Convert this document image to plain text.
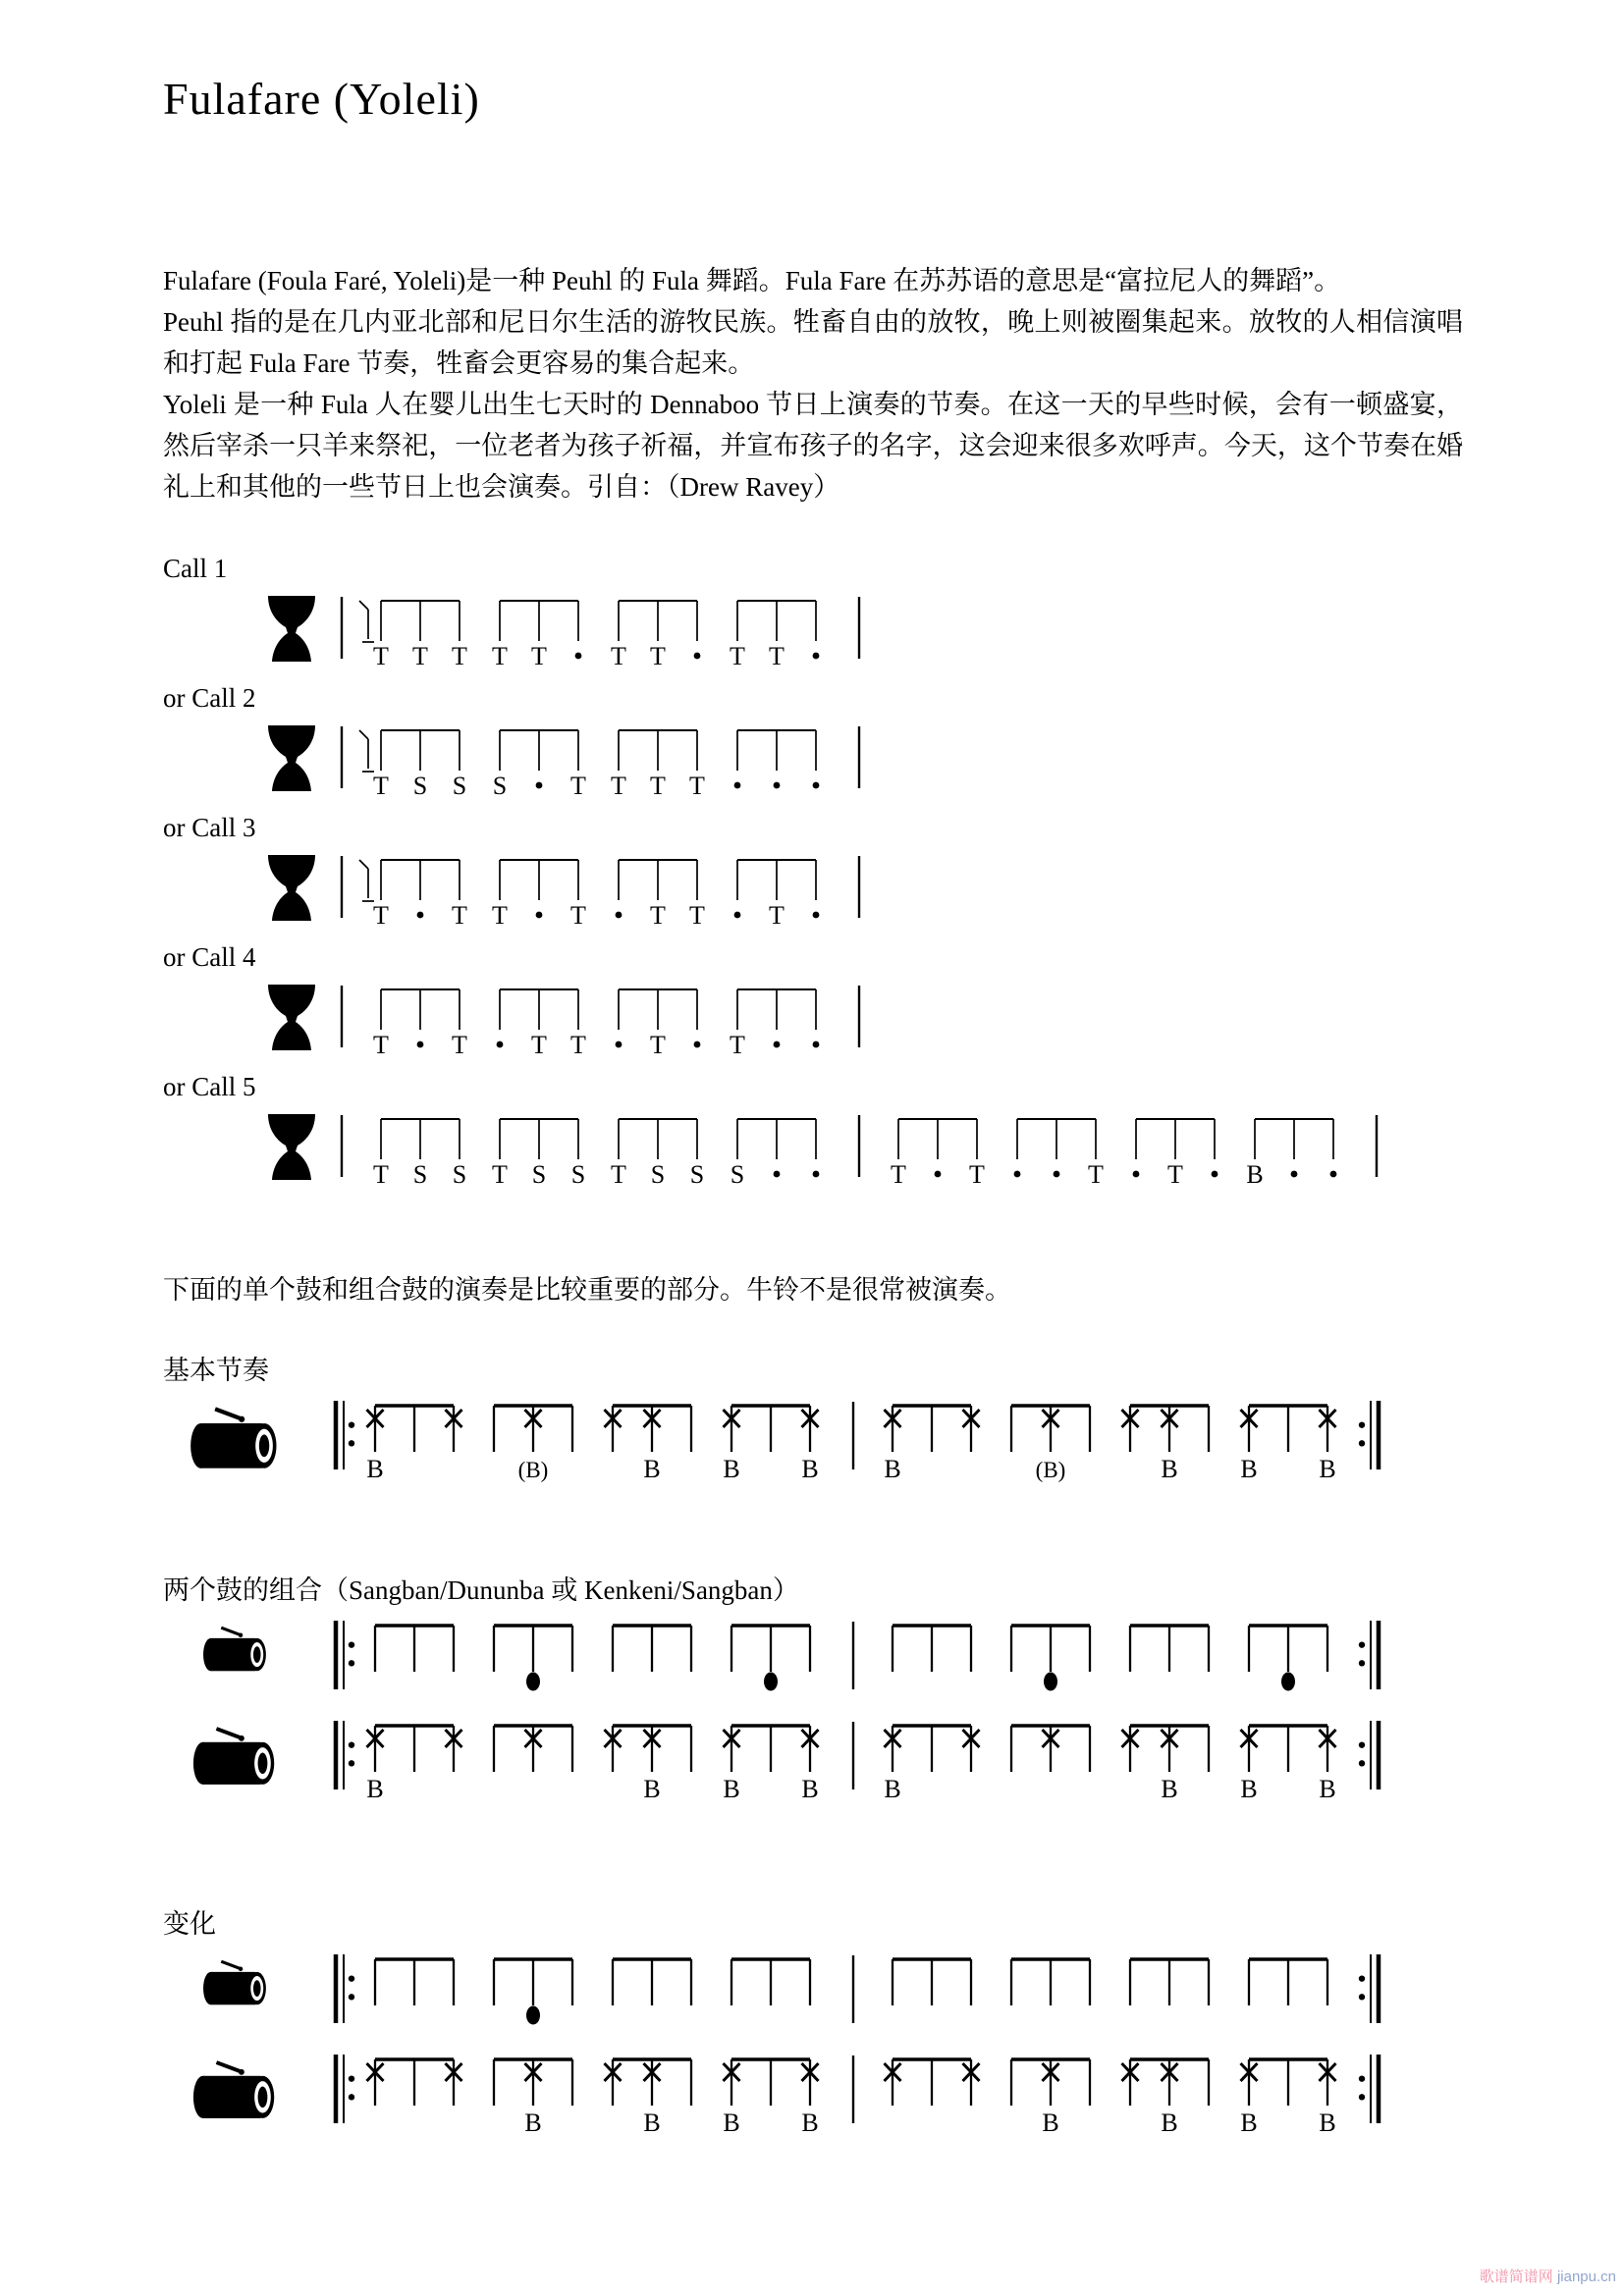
Fulafare (Yoleli)

Fulafare (Foula Faré, Yoleli)是一种 Peuhl 的 Fula 舞蹈。Fula Fare 在苏苏语的意思是“富拉尼人的舞蹈”。

Peuhl 指的是在几内亚北部和尼日尔生活的游牧民族。牲畜自由的放牧，晚上则被圈集起来。放牧的人相信演唱和打起 Fula Fare 节奏，牲畜会更容易的集合起来。

Yoleli 是一种 Fula 人在婴儿出生七天时的 Dennaboo 节日上演奏的节奏。在这一天的早些时候，会有一顿盛宴，然后宰杀一只羊来祭祀，一位老者为孩子祈福，并宣布孩子的名字，这会迎来很多欢呼声。今天，这个节奏在婚礼上和其他的一些节日上也会演奏。引自：（Drew Ravey）

Call 1
T T T T T	T T	T T
or Call 2
T S S S T T T T
or Call 3
T T T T	T T	T
or Call 4
T T	T T	T	T
or Call 5
T S S T S S T S S S	T T	T	T B

下面的单个鼓和组合鼓的演奏是比较重要的部分。牛铃不是很常被演奏。

基本节奏
B	(B)	B B B	B	(B)	B B B
两个鼓的组合（Sangban/Dununba 或 Kenkeni/Sangban）
B	B B B	B	B B B
变化
B	B B B	B	B B B
歌谱简谱网 jianpu.cn
